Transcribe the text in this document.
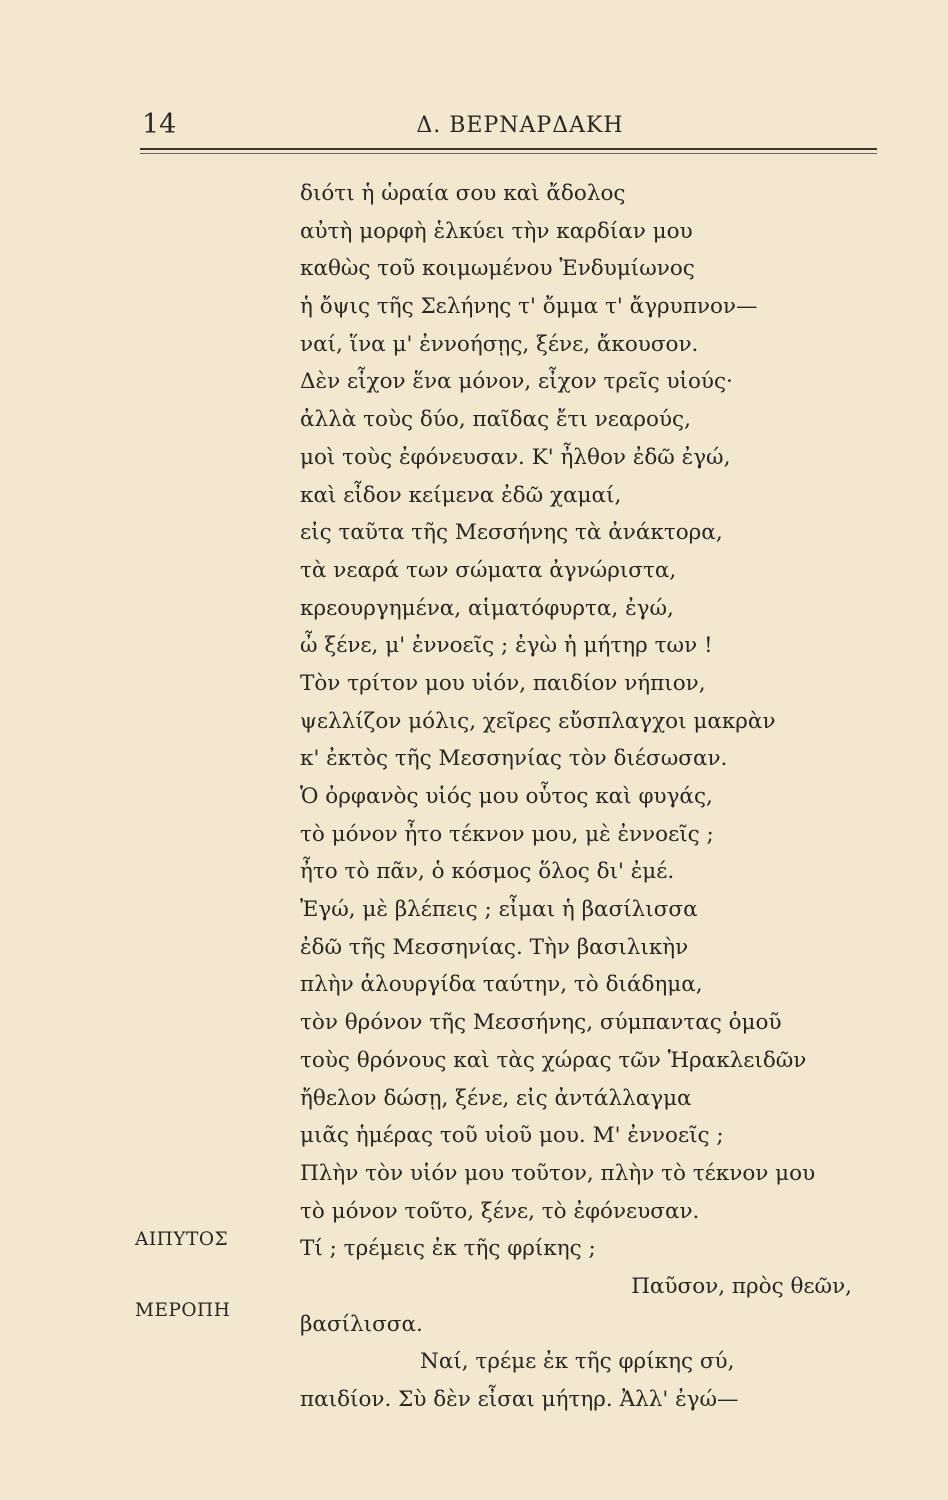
14	Δ. ΒΕΡΝΑΡΔΑΚΗ
διότι ἡ ὡραία σου καὶ ἄδολος
αὐτὴ μορφὴ ἑλκύει τὴν καρδίαν μου
καθὼς τοῦ κοιμωμένου Ἐνδυμίωνος
ἡ ὄψις τῆς Σελήνης τ' ὄμμα τ' ἄγρυπνον—
ναί, ἵνα μ' ἐννοήσῃς, ξένε, ἄκουσον.
Δὲν εἶχον ἕνα μόνον, εἶχον τρεῖς υἱούς·
ἀλλὰ τοὺς δύο, παῖδας ἔτι νεαρούς,
μοὶ τοὺς ἐφόνευσαν. Κ' ἦλθον ἐδῶ ἐγώ,
καὶ εἶδον κείμενα ἐδῶ χαμαί,
εἰς ταῦτα τῆς Μεσσήνης τὰ ἀνάκτορα,
τὰ νεαρά των σώματα ἀγνώριστα,
κρεουργημένα, αἱματόφυρτα, ἐγώ,
ὦ ξένε, μ' ἐννοεῖς ; ἐγὼ ἡ μήτηρ των !
Τὸν τρίτον μου υἱόν, παιδίον νήπιον,
ψελλίζον μόλις, χεῖρες εὔσπλαγχοι μακρὰν
κ' ἐκτὸς τῆς Μεσσηνίας τὸν διέσωσαν.
Ὁ ὀρφανὸς υἱός μου οὗτος καὶ φυγάς,
τὸ μόνον ἦτο τέκνον μου, μὲ ἐννοεῖς ;
ἦτο τὸ πᾶν, ὁ κόσμος ὅλος δι' ἐμέ.
Ἐγώ, μὲ βλέπεις ; εἶμαι ἡ βασίλισσα
ἐδῶ τῆς Μεσσηνίας. Τὴν βασιλικὴν
πλὴν ἁλουργίδα ταύτην, τὸ διάδημα,
τὸν θρόνον τῆς Μεσσήνης, σύμπαντας ὁμοῦ
τοὺς θρόνους καὶ τὰς χώρας τῶν Ἡρακλειδῶν
ἤθελον δώσῃ, ξένε, εἰς ἀντάλλαγμα
μιᾶς ἡμέρας τοῦ υἱοῦ μου. Μ' ἐννοεῖς ;
Πλὴν τὸν υἱόν μου τοῦτον, πλὴν τὸ τέκνον μου
τὸ μόνον τοῦτο, ξένε, τὸ ἐφόνευσαν.
Τί ; τρέμεις ἐκ τῆς φρίκης ;
Παῦσον, πρὸς θεῶν,
βασίλισσα.
Ναί, τρέμε ἐκ τῆς φρίκης σύ,
παιδίον. Σὺ δὲν εἶσαι μήτηρ. Ἀλλ' ἐγώ—
ΑΙΠΥΤΟΣ
ΜΕΡΟΠΗ
